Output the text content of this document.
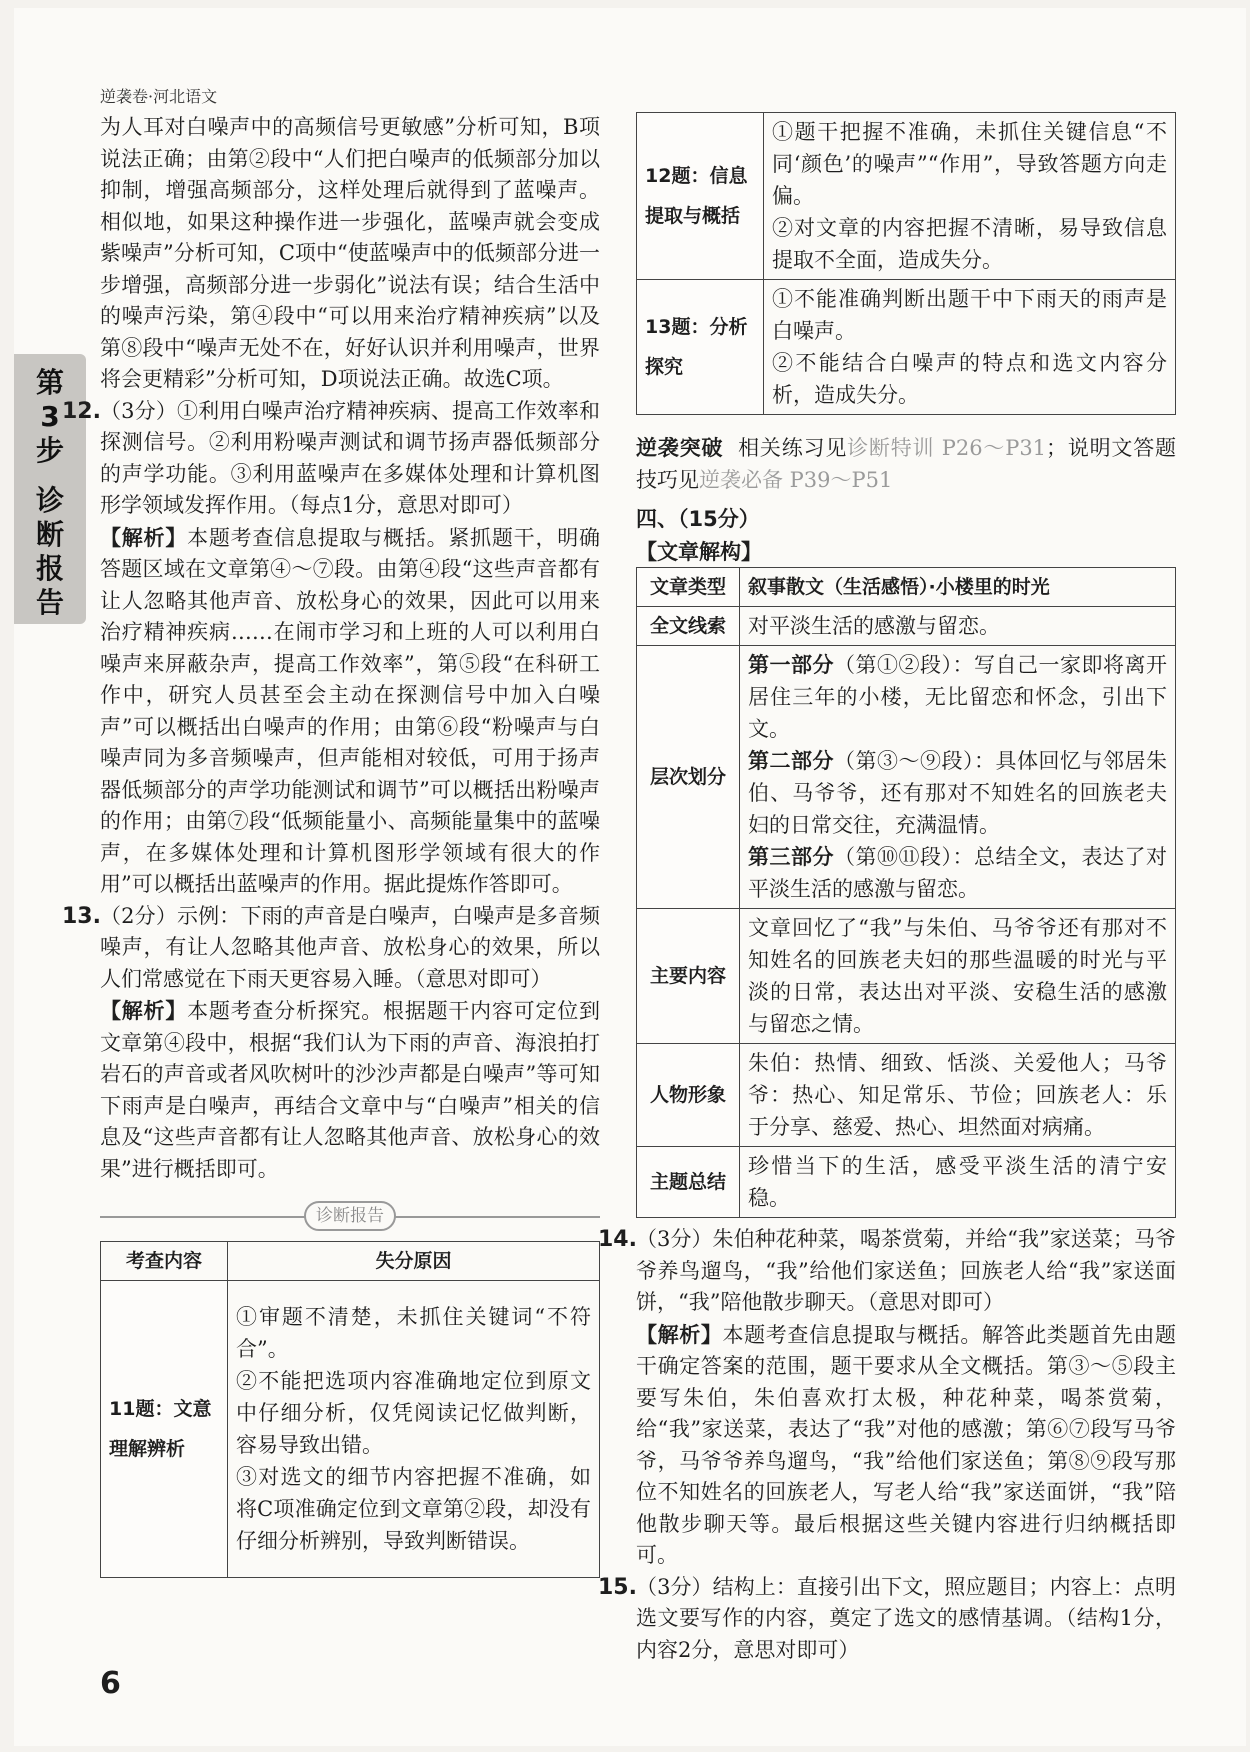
逆袭卷·河北语文
第3步
诊断报告

为人耳对白噪声中的高频信号更敏感”分析可知，B项说法正确；由第②段中“人们把白噪声的低频部分加以抑制，增强高频部分，这样处理后就得到了蓝噪声。相似地，如果这种操作进一步强化，蓝噪声就会变成紫噪声”分析可知，C项中“使蓝噪声中的低频部分进一步增强，高频部分进一步弱化”说法有误；结合生活中的噪声污染，第④段中“可以用来治疗精神疾病”以及第⑧段中“噪声无处不在，好好认识并利用噪声，世界将会更精彩”分析可知，D项说法正确。故选C项。

12. （3分）①利用白噪声治疗精神疾病、提高工作效率和探测信号。②利用粉噪声测试和调节扬声器低频部分的声学功能。③利用蓝噪声在多媒体处理和计算机图形学领域发挥作用。（每点1分，意思对即可）

【解析】本题考查信息提取与概括。紧抓题干，明确答题区域在文章第④～⑦段。由第④段“这些声音都有让人忽略其他声音、放松身心的效果，因此可以用来治疗精神疾病……在闹市学习和上班的人可以利用白噪声来屏蔽杂声，提高工作效率”，第⑤段“在科研工作中，研究人员甚至会主动在探测信号中加入白噪声”可以概括出白噪声的作用；由第⑥段“粉噪声与白噪声同为多音频噪声，但声能相对较低，可用于扬声器低频部分的声学功能测试和调节”可以概括出粉噪声的作用；由第⑦段“低频能量小、高频能量集中的蓝噪声，在多媒体处理和计算机图形学领域有很大的作用”可以概括出蓝噪声的作用。据此提炼作答即可。

13. （2分）示例：下雨的声音是白噪声，白噪声是多音频噪声，有让人忽略其他声音、放松身心的效果，所以人们常感觉在下雨天更容易入睡。（意思对即可）

【解析】本题考查分析探究。根据题干内容可定位到文章第④段中，根据“我们认为下雨的声音、海浪拍打岩石的声音或者风吹树叶的沙沙声都是白噪声”等可知下雨声是白噪声，再结合文章中与“白噪声”相关的信息及“这些声音都有让人忽略其他声音、放松身心的效果”进行概括即可。

诊断报告
考查内容	失分原因
11题：文意理解辨析	①审题不清楚，未抓住关键词“不符合”。

②不能把选项内容准确地定位到原文中仔细分析，仅凭阅读记忆做判断，容易导致出错。

③对选文的细节内容把握不准确，如将C项准确定位到文章第②段，却没有仔细分析辨别，导致判断错误。

12题：信息提取与概括	①题干把握不准确，未抓住关键信息“不同‘颜色’的噪声”“作用”，导致答题方向走偏。

②对文章的内容把握不清晰，易导致信息提取不全面，造成失分。

13题：分析探究	①不能准确判断出题干中下雨天的雨声是白噪声。

②不能结合白噪声的特点和选文内容分析，造成失分。

逆袭突破 相关练习见诊断特训 P26～P31；说明文答题技巧见逆袭必备 P39～P51

四、（15分）

【文章解构】

文章类型	叙事散文（生活感悟）·小楼里的时光
全文线索	对平淡生活的感激与留恋。
层次划分	第一部分（第①②段）：写自己一家即将离开居住三年的小楼，无比留恋和怀念，引出下文。

第二部分（第③～⑨段）：具体回忆与邻居朱伯、马爷爷，还有那对不知姓名的回族老夫妇的日常交往，充满温情。

第三部分（第⑩⑪段）：总结全文，表达了对平淡生活的感激与留恋。

主要内容	文章回忆了“我”与朱伯、马爷爷还有那对不知姓名的回族老夫妇的那些温暖的时光与平淡的日常，表达出对平淡、安稳生活的感激与留恋之情。
人物形象	朱伯：热情、细致、恬淡、关爱他人；马爷爷：热心、知足常乐、节俭；回族老人：乐于分享、慈爱、热心、坦然面对病痛。
主题总结	珍惜当下的生活，感受平淡生活的清宁安稳。
14. （3分）朱伯种花种菜，喝茶赏菊，并给“我”家送菜；马爷爷养鸟遛鸟，“我”给他们家送鱼；回族老人给“我”家送面饼，“我”陪他散步聊天。（意思对即可）

【解析】本题考查信息提取与概括。解答此类题首先由题干确定答案的范围，题干要求从全文概括。第③～⑤段主要写朱伯，朱伯喜欢打太极，种花种菜，喝茶赏菊，给“我”家送菜，表达了“我”对他的感激；第⑥⑦段写马爷爷，马爷爷养鸟遛鸟，“我”给他们家送鱼；第⑧⑨段写那位不知姓名的回族老人，写老人给“我”家送面饼，“我”陪他散步聊天等。最后根据这些关键内容进行归纳概括即可。

15. （3分）结构上：直接引出下文，照应题目；内容上：点明选文要写作的内容，奠定了选文的感情基调。（结构1分，内容2分，意思对即可）

6
